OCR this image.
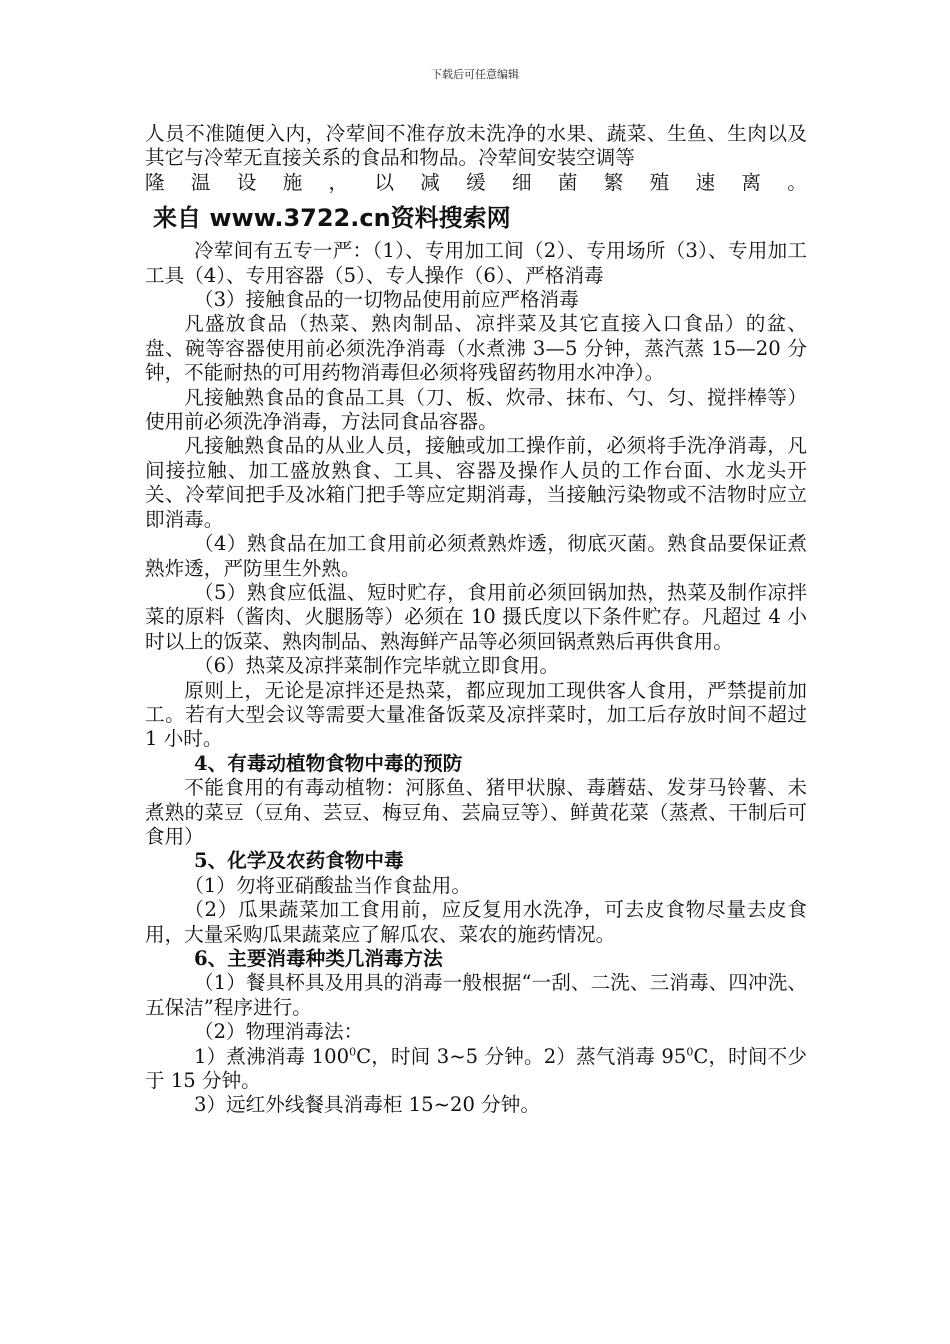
下载后可任意编辑

人员不准随便入内，冷荤间不准存放未洗净的水果、蔬菜、生鱼、生肉以及其它与冷荤无直接关系的食品和物品。冷荤间安装空调等

隆 温 设 施 ， 以 减 缓 细 菌 繁 殖 速 离 。

来自 www.3722.cn资料搜索网

冷荤间有五专一严：（1）、专用加工间（2）、专用场所（3）、专用加工工具（4）、专用容器（5）、专人操作（6）、严格消毒

（3）接触食品的一切物品使用前应严格消毒

凡盛放食品（热菜、熟肉制品、凉拌菜及其它直接入口食品）的盆、盘、碗等容器使用前必须洗净消毒（水煮沸 3—5 分钟，蒸汽蒸 15—20 分钟，不能耐热的可用药物消毒但必须将残留药物用水冲净）。

凡接触熟食品的食品工具（刀、板、炊帚、抹布、勺、匀、搅拌棒等）使用前必须洗净消毒，方法同食品容器。

凡接触熟食品的从业人员，接触或加工操作前，必须将手洗净消毒，凡间接拉触、加工盛放熟食、工具、容器及操作人员的工作台面、水龙头开关、冷荤间把手及冰箱门把手等应定期消毒，当接触污染物或不洁物时应立即消毒。

（4）熟食品在加工食用前必须煮熟炸透，彻底灭菌。熟食品要保证煮熟炸透，严防里生外熟。

（5）熟食应低温、短时贮存，食用前必须回锅加热，热菜及制作凉拌菜的原料（酱肉、火腿肠等）必须在 10 摄氏度以下条件贮存。凡超过 4 小时以上的饭菜、熟肉制品、熟海鲜产品等必须回锅煮熟后再供食用。

（6）热菜及凉拌菜制作完毕就立即食用。

原则上，无论是凉拌还是热菜，都应现加工现供客人食用，严禁提前加工。若有大型会议等需要大量准备饭菜及凉拌菜时，加工后存放时间不超过 1 小时。

4、有毒动植物食物中毒的预防

不能食用的有毒动植物：河豚鱼、猪甲状腺、毒蘑菇、发芽马铃薯、未煮熟的菜豆（豆角、芸豆、梅豆角、芸扁豆等）、鲜黄花菜（蒸煮、干制后可食用）

5、化学及农药食物中毒

（1）勿将亚硝酸盐当作食盐用。

（2）瓜果蔬菜加工食用前，应反复用水洗净，可去皮食物尽量去皮食用，大量采购瓜果蔬菜应了解瓜农、菜农的施药情况。

6、主要消毒种类几消毒方法

（1）餐具杯具及用具的消毒一般根据“一刮、二洗、三消毒、四冲洗、五保洁”程序进行。

（2）物理消毒法：

1）煮沸消毒 $100^0C$，时间 3~5 分钟。2）蒸气消毒 $95^0C$，时间不少于 15 分钟。

3）远红外线餐具消毒柜 15~20 分钟。
